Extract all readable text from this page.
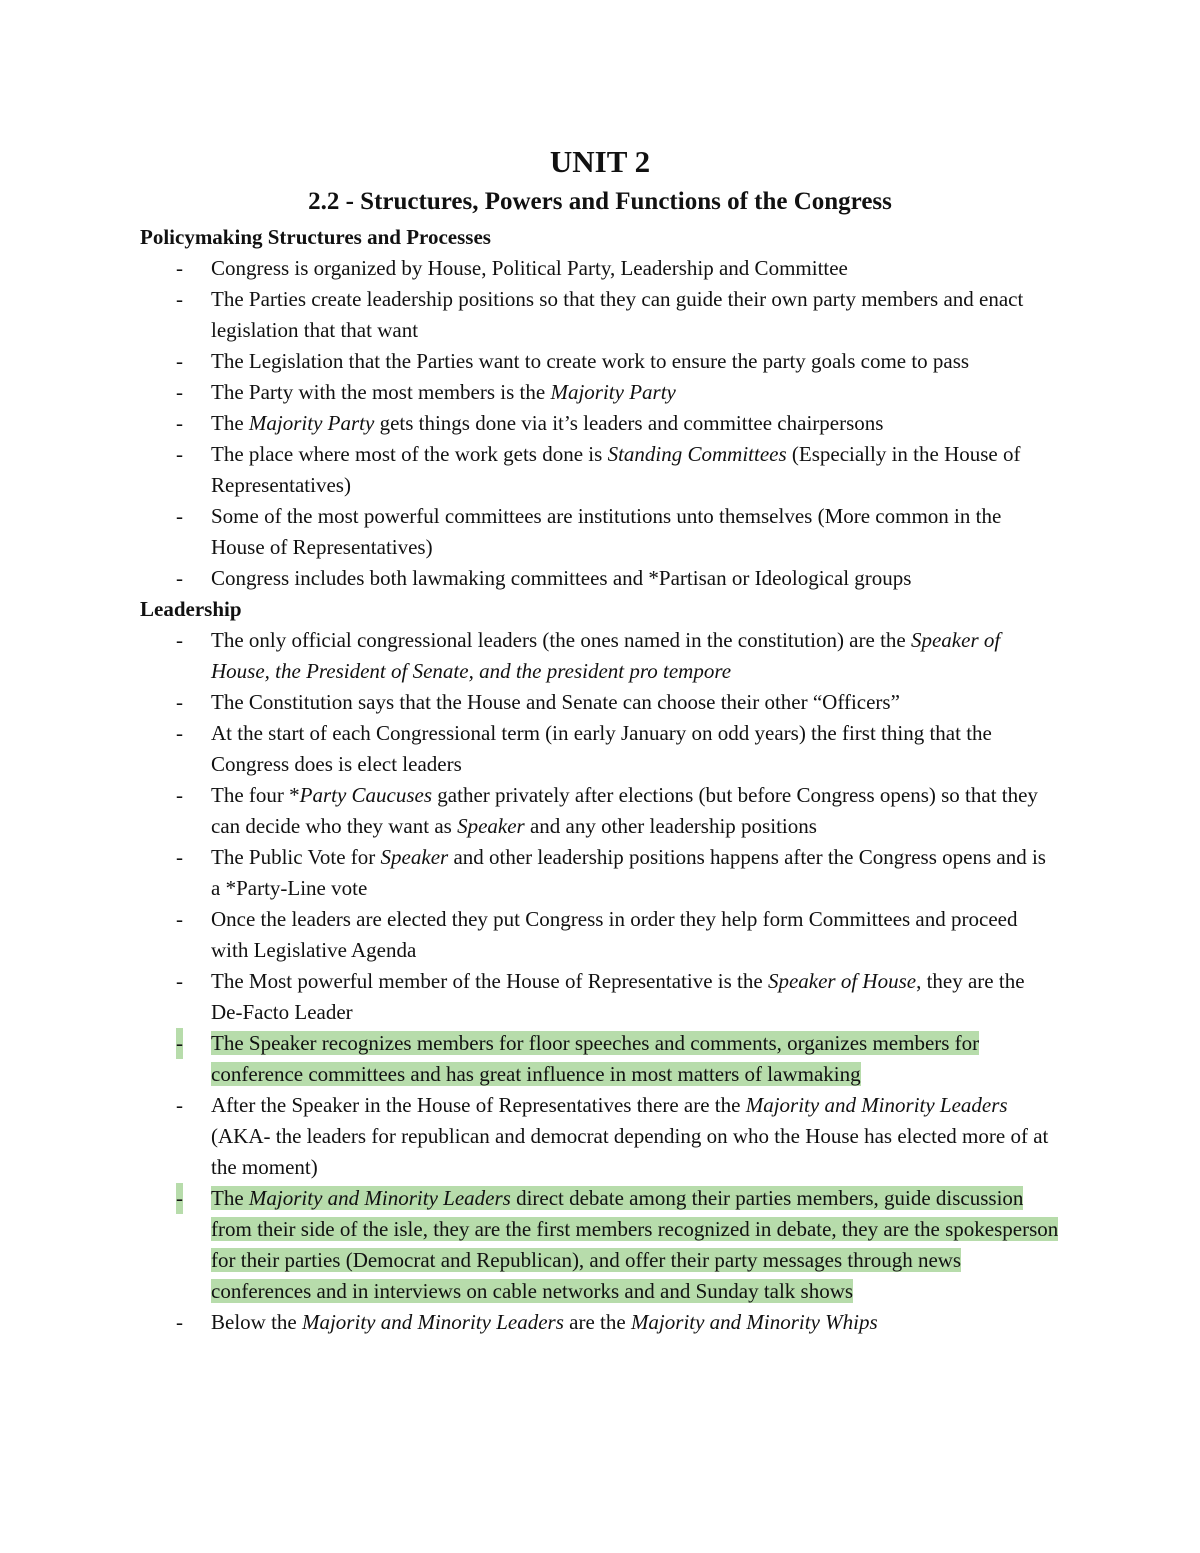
UNIT 2
2.2 - Structures, Powers and Functions of the Congress
Policymaking Structures and Processes
- Congress is organized by House, Political Party, Leadership and Committee
- The Parties create leadership positions so that they can guide their own party members and enact legislation that that want
- The Legislation that the Parties want to create work to ensure the party goals come to pass
- The Party with the most members is the Majority Party
- The Majority Party gets things done via it’s leaders and committee chairpersons
- The place where most of the work gets done is Standing Committees (Especially in the House of Representatives)
- Some of the most powerful committees are institutions unto themselves (More common in the House of Representatives)
- Congress includes both lawmaking committees and *Partisan or Ideological groups
Leadership
- The only official congressional leaders (the ones named in the constitution) are the Speaker of House, the President of Senate, and the president pro tempore
- The Constitution says that the House and Senate can choose their other “Officers”
- At the start of each Congressional term (in early January on odd years) the first thing that the Congress does is elect leaders
- The four *Party Caucuses gather privately after elections (but before Congress opens) so that they can decide who they want as Speaker and any other leadership positions
- The Public Vote for Speaker and other leadership positions happens after the Congress opens and is a *Party-Line vote
- Once the leaders are elected they put Congress in order they help form Committees and proceed with Legislative Agenda
- The Most powerful member of the House of Representative is the Speaker of House, they are the De-Facto Leader
- The Speaker recognizes members for floor speeches and comments, organizes members for conference committees and has great influence in most matters of lawmaking
- After the Speaker in the House of Representatives there are the Majority and Minority Leaders (AKA- the leaders for republican and democrat depending on who the House has elected more of at the moment)
- The Majority and Minority Leaders direct debate among their parties members, guide discussion from their side of the isle, they are the first members recognized in debate, they are the spokesperson for their parties (Democrat and Republican), and offer their party messages through news conferences and in interviews on cable networks and and Sunday talk shows
- Below the Majority and Minority Leaders are the Majority and Minority Whips
